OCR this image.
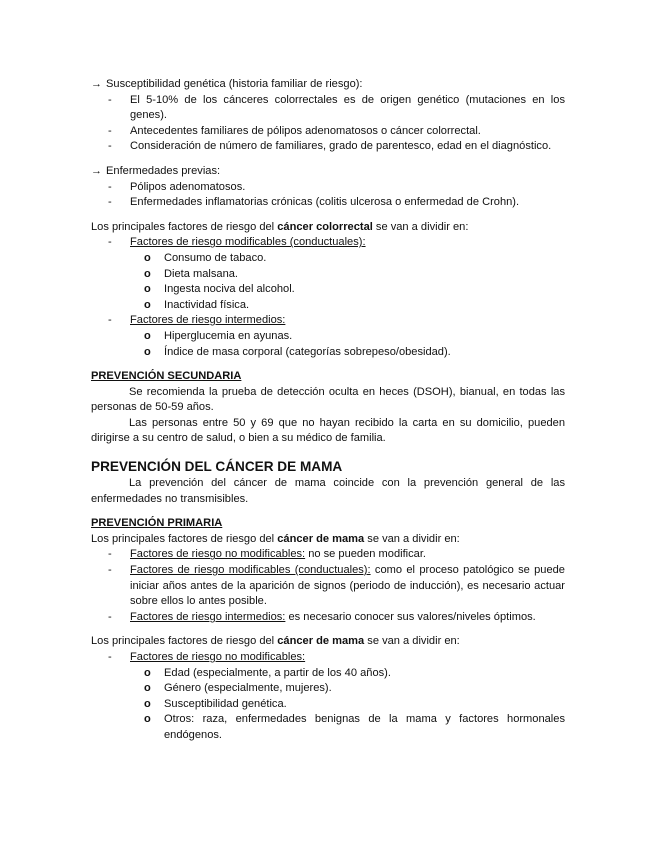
→ Susceptibilidad genética (historia familiar de riesgo):
- El 5-10% de los cánceres colorrectales es de origen genético (mutaciones en los genes).
- Antecedentes familiares de pólipos adenomatosos o cáncer colorrectal.
- Consideración de número de familiares, grado de parentesco, edad en el diagnóstico.
→ Enfermedades previas:
- Pólipos adenomatosos.
- Enfermedades inflamatorias crónicas (colitis ulcerosa o enfermedad de Crohn).

Los principales factores de riesgo del cáncer colorrectal se van a dividir en:

- Factores de riesgo modificables (conductuales):
o Consumo de tabaco.
o Dieta malsana.
o Ingesta nociva del alcohol.
o Inactividad física.
- Factores de riesgo intermedios:
o Hiperglucemia en ayunas.
o Índice de masa corporal (categorías sobrepeso/obesidad).
PREVENCIÓN SECUNDARIA

Se recomienda la prueba de detección oculta en heces (DSOH), bianual, en todas las personas de 50-59 años.

Las personas entre 50 y 69 que no hayan recibido la carta en su domicilio, pueden dirigirse a su centro de salud, o bien a su médico de familia.

PREVENCIÓN DEL CÁNCER DE MAMA

La prevención del cáncer de mama coincide con la prevención general de las enfermedades no transmisibles.

PREVENCIÓN PRIMARIA

Los principales factores de riesgo del cáncer de mama se van a dividir en:

- Factores de riesgo no modificables: no se pueden modificar.
- Factores de riesgo modificables (conductuales): como el proceso patológico se puede iniciar años antes de la aparición de signos (periodo de inducción), es necesario actuar sobre ellos lo antes posible.
- Factores de riesgo intermedios: es necesario conocer sus valores/niveles óptimos.

Los principales factores de riesgo del cáncer de mama se van a dividir en:

- Factores de riesgo no modificables:
o Edad (especialmente, a partir de los 40 años).
o Género (especialmente, mujeres).
o Susceptibilidad genética.
o Otros: raza, enfermedades benignas de la mama y factores hormonales endógenos.
